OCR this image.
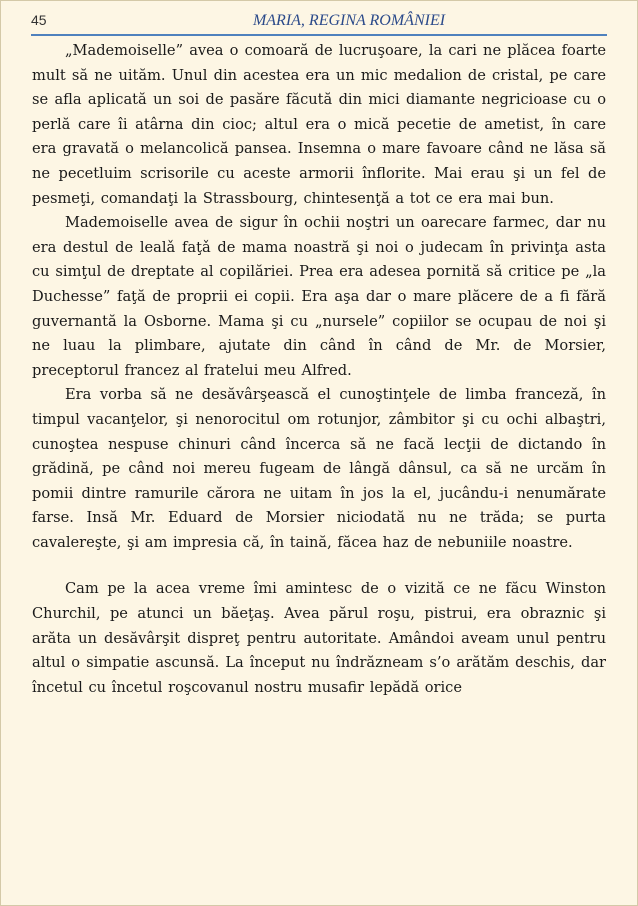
45	MARIA, REGINA ROMÂNIEI

„Mademoiselle” avea o comoară de lucruşoare, la cari ne plăcea foarte mult să ne uităm. Unul din acestea era un mic medalion de cristal, pe care se afla aplicată un soi de pasăre făcută din mici diamante negricioase cu o perlă care îi atârna din cioc; altul era o mică pecetie de ametist, în care era gravată o melancolică pansea. Insemna o mare favoare când ne lăsa să ne pecetluim scrisorile cu aceste armorii înflorite. Mai erau şi un fel de pesmeţi, comandaţi la Strassbourg, chintesenţă a tot ce era mai bun.

Mademoiselle avea de sigur în ochii noştri un oarecare farmec, dar nu era destul de lealǎ faţǎ de mama noastră şi noi o judecam în privinţa asta cu simţul de dreptate al copilăriei. Prea era adesea pornită să critice pe „la Duchesse” faţă de proprii ei copii. Era aşa dar o mare plăcere de a fi fără guvernantă la Osborne. Mama şi cu „nursele” copiilor se ocupau de noi şi ne luau la plimbare, ajutate din când în când de Mr. de Morsier, preceptorul francez al fratelui meu Alfred.

Era vorba să ne desăvârşească el cunoştinţele de limba franceză, în timpul vacanţelor, şi nenorocitul om rotunjor, zâmbitor şi cu ochi albaştri, cunoştea nespuse chinuri când încerca să ne facă lecţii de dictando în grădină, pe când noi mereu fugeam de lângă dânsul, ca să ne urcăm în pomii dintre ramurile cărora ne uitam în jos la el, jucându-i nenumărate farse. Insă Mr. Eduard de Morsier niciodată nu ne trăda; se purta cavalereşte, şi am impresia că, în taină, făcea haz de nebuniile noastre.

Cam pe la acea vreme îmi amintesc de o vizită ce ne făcu Winston Churchil, pe atunci un băeţaş. Avea părul roşu, pistrui, era obraznic şi arăta un desăvârşit dispreţ pentru autoritate. Amândoi aveam unul pentru altul o simpatie ascunsă. La început nu îndrăzneam s’o arătăm deschis, dar încetul cu încetul roşcovanul nostru musafir lepădă orice
